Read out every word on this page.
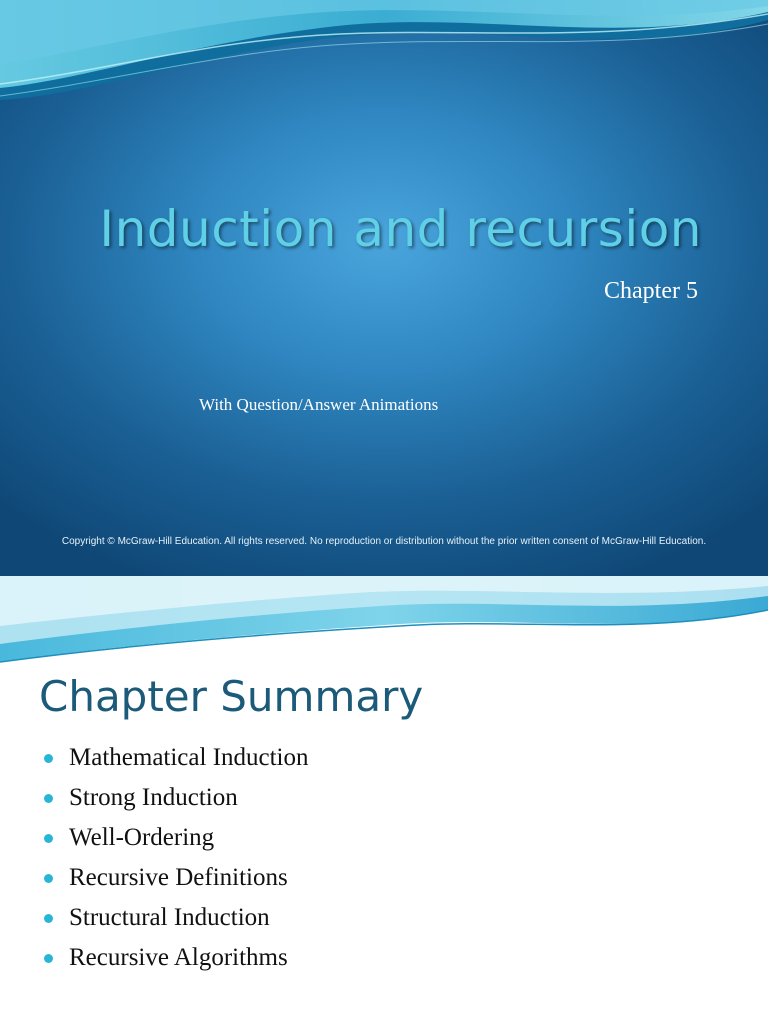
Induction and recursion
Chapter 5
With Question/Answer Animations
Copyright © McGraw-Hill Education. All rights reserved. No reproduction or distribution without the prior written consent of McGraw-Hill Education.
Chapter Summary
Mathematical Induction
Strong Induction
Well-Ordering
Recursive Definitions
Structural Induction
Recursive Algorithms
